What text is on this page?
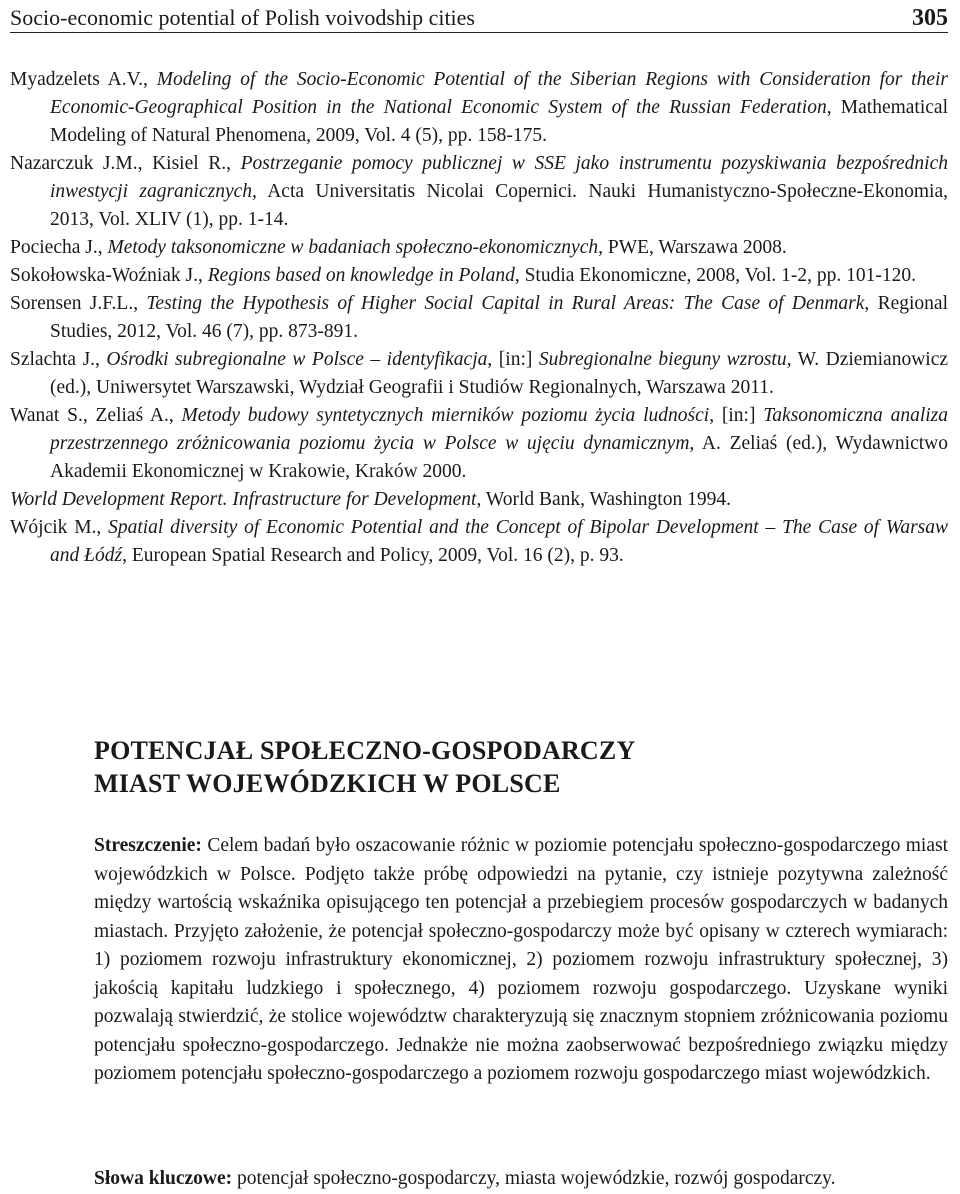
Socio-economic potential of Polish voivodship cities	305
Myadzelets A.V., Modeling of the Socio-Economic Potential of the Siberian Regions with Consideration for their Economic-Geographical Position in the National Economic System of the Russian Federation, Mathematical Modeling of Natural Phenomena, 2009, Vol. 4 (5), pp. 158-175.
Nazarczuk J.M., Kisiel R., Postrzeganie pomocy publicznej w SSE jako instrumentu pozyskiwania bezpośrednich inwestycji zagranicznych, Acta Universitatis Nicolai Copernici. Nauki Humanistyczno-Społeczne-Ekonomia, 2013, Vol. XLIV (1), pp. 1-14.
Pociecha J., Metody taksonomiczne w badaniach społeczno-ekonomicznych, PWE, Warszawa 2008.
Sokołowska-Woźniak J., Regions based on knowledge in Poland, Studia Ekonomiczne, 2008, Vol. 1-2, pp. 101-120.
Sorensen J.F.L., Testing the Hypothesis of Higher Social Capital in Rural Areas: The Case of Denmark, Regional Studies, 2012, Vol. 46 (7), pp. 873-891.
Szlachta J., Ośrodki subregionalne w Polsce – identyfikacja, [in:] Subregionalne bieguny wzrostu, W. Dziemianowicz (ed.), Uniwersytet Warszawski, Wydział Geografii i Studiów Regionalnych, Warszawa 2011.
Wanat S., Zeliaś A., Metody budowy syntetycznych mierników poziomu życia ludności, [in:] Taksonomiczna analiza przestrzennego zróżnicowania poziomu życia w Polsce w ujęciu dynamicznym, A. Zeliaś (ed.), Wydawnictwo Akademii Ekonomicznej w Krakowie, Kraków 2000.
World Development Report. Infrastructure for Development, World Bank, Washington 1994.
Wójcik M., Spatial diversity of Economic Potential and the Concept of Bipolar Development – The Case of Warsaw and Łódź, European Spatial Research and Policy, 2009, Vol. 16 (2), p. 93.
POTENCJAŁ SPOŁECZNO-GOSPODARCZY
MIAST WOJEWÓDZKICH W POLSCE
Streszczenie: Celem badań było oszacowanie różnic w poziomie potencjału społeczno-gospodarczego miast wojewódzkich w Polsce. Podjęto także próbę odpowiedzi na pytanie, czy istnieje pozytywna zależność między wartością wskaźnika opisującego ten potencjał a przebiegiem procesów gospodarczych w badanych miastach. Przyjęto założenie, że potencjał społeczno-gospodarczy może być opisany w czterech wymiarach: 1) poziomem rozwoju infrastruktury ekonomicznej, 2) poziomem rozwoju infrastruktury społecznej, 3) jakością kapitału ludzkiego i społecznego, 4) poziomem rozwoju gospodarczego. Uzyskane wyniki pozwalają stwierdzić, że stolice województw charakteryzują się znacznym stopniem zróżnicowania poziomu potencjału społeczno-gospodarczego. Jednakże nie można zaobserwować bezpośredniego związku między poziomem potencjału społeczno-gospodarczego a poziomem rozwoju gospodarczego miast wojewódzkich.
Słowa kluczowe: potencjał społeczno-gospodarczy, miasta wojewódzkie, rozwój gospodarczy.
